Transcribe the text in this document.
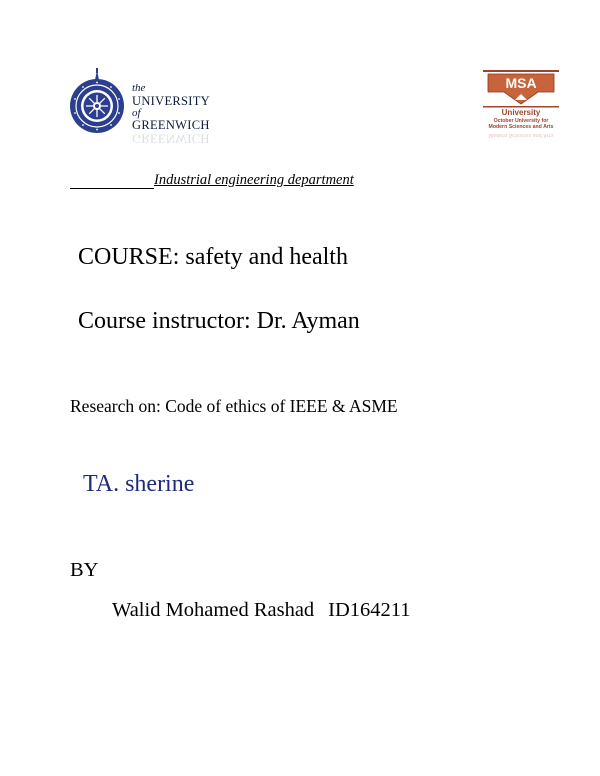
the
UNIVERSITY
of
GREENWICH
GREENWICH
MSA
University
October University for
Modern Sciences and Arts
Modern Sciences and Arts
Industrial engineering department
COURSE: safety and health
Course instructor: Dr. Ayman
Research on: Code of ethics of IEEE & ASME
TA. sherine
BY
Walid Mohamed Rashad ID164211
